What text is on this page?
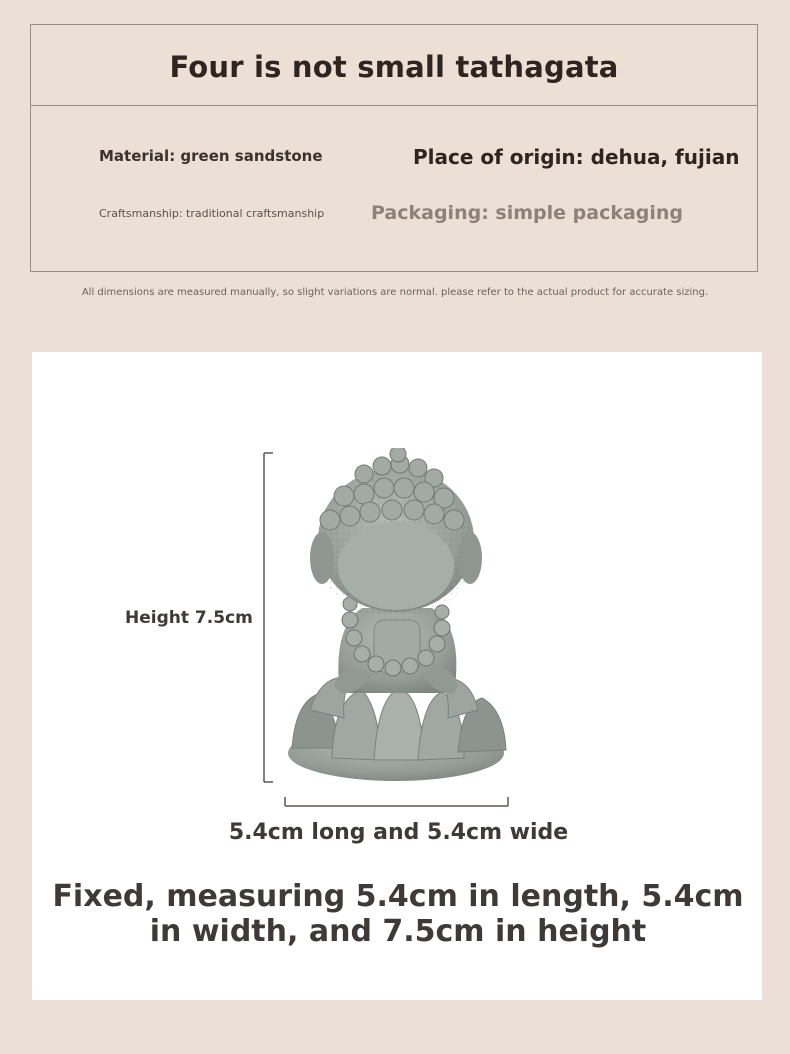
Four is not small tathagata
Material: green sandstone	Place of origin: dehua, fujian
Craftsmanship: traditional craftsmanship Packaging: simple packaging
All dimensions are measured manually, so slight variations are normal. please refer to the actual product for accurate sizing.
Height 7.5cm
5.4cm long and 5.4cm wide
Fixed, measuring 5.4cm in length, 5.4cm in width, and 7.5cm in height
